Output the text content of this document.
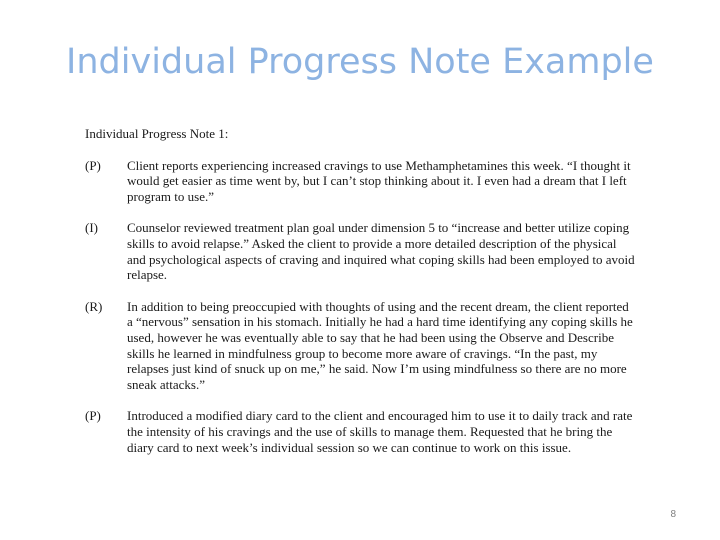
Individual Progress Note Example

Individual Progress Note 1:

(P)	Client reports experiencing increased cravings to use Methamphetamines this week. “I thought it would get easier as time went by, but I can’t stop thinking about it. I even had a dream that I left program to use.”

(I)	Counselor reviewed treatment plan goal under dimension 5 to “increase and better utilize coping skills to avoid relapse.” Asked the client to provide a more detailed description of the physical and psychological aspects of craving and inquired what coping skills had been employed to avoid relapse.

(R)	In addition to being preoccupied with thoughts of using and the recent dream, the client reported a “nervous” sensation in his stomach. Initially he had a hard time identifying any coping skills he used, however he was eventually able to say that he had been using the Observe and Describe skills he learned in mindfulness group to become more aware of cravings. “In the past, my relapses just kind of snuck up on me,” he said. Now I’m using mindfulness so there are no more sneak attacks.”

(P)	Introduced a modified diary card to the client and encouraged him to use it to daily track and rate the intensity of his cravings and the use of skills to manage them. Requested that he bring the diary card to next week’s individual session so we can continue to work on this issue.

8
